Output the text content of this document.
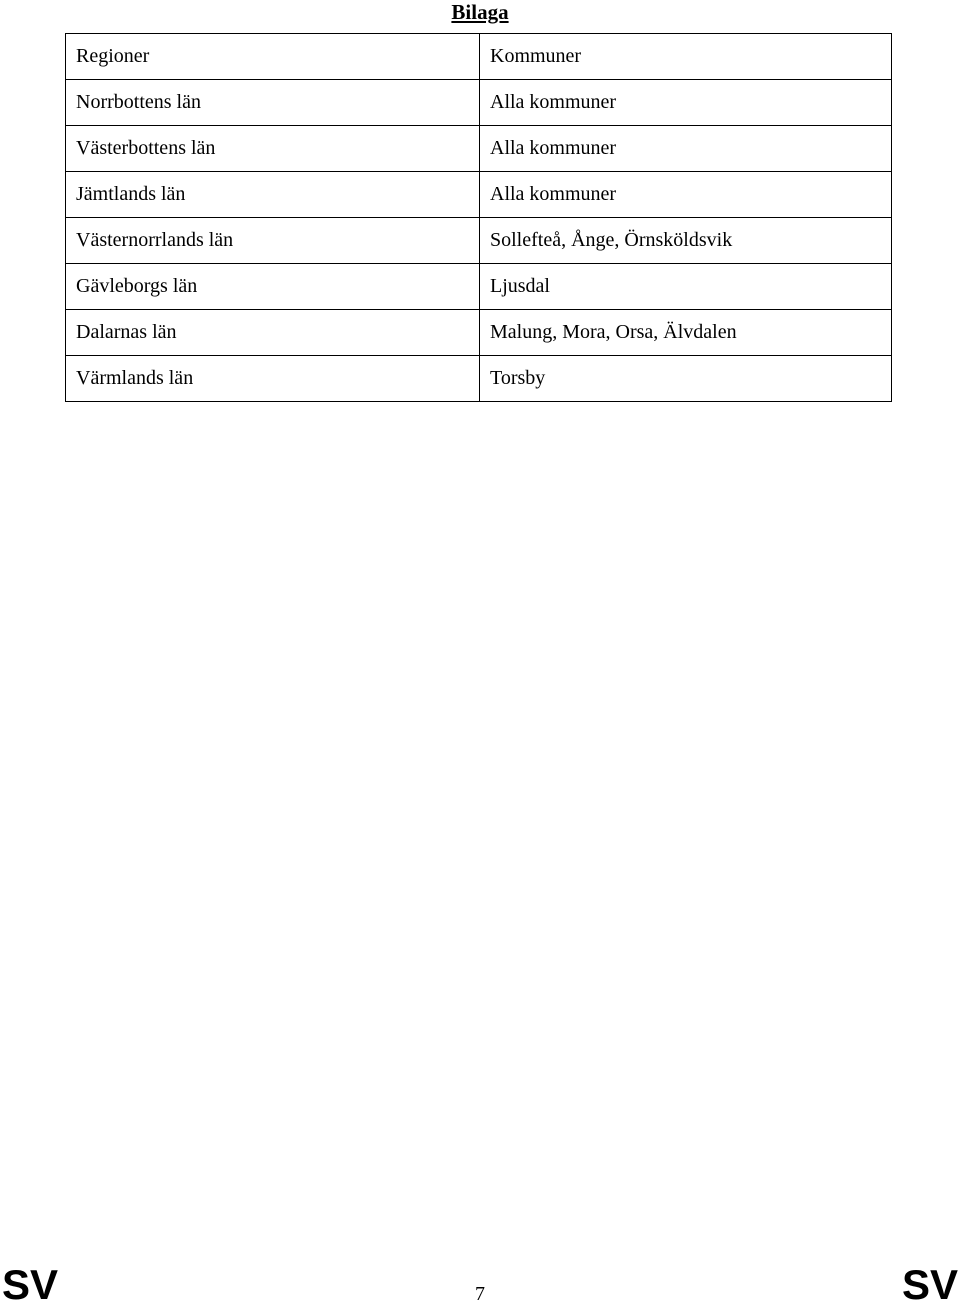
Bilaga
Regioner	Kommuner
Norrbottens län	Alla kommuner
Västerbottens län	Alla kommuner
Jämtlands län	Alla kommuner
Västernorrlands län	Sollefteå, Ånge, Örnsköldsvik
Gävleborgs län	Ljusdal
Dalarnas län	Malung, Mora, Orsa, Älvdalen
Värmlands län	Torsby
SV	7	SV
